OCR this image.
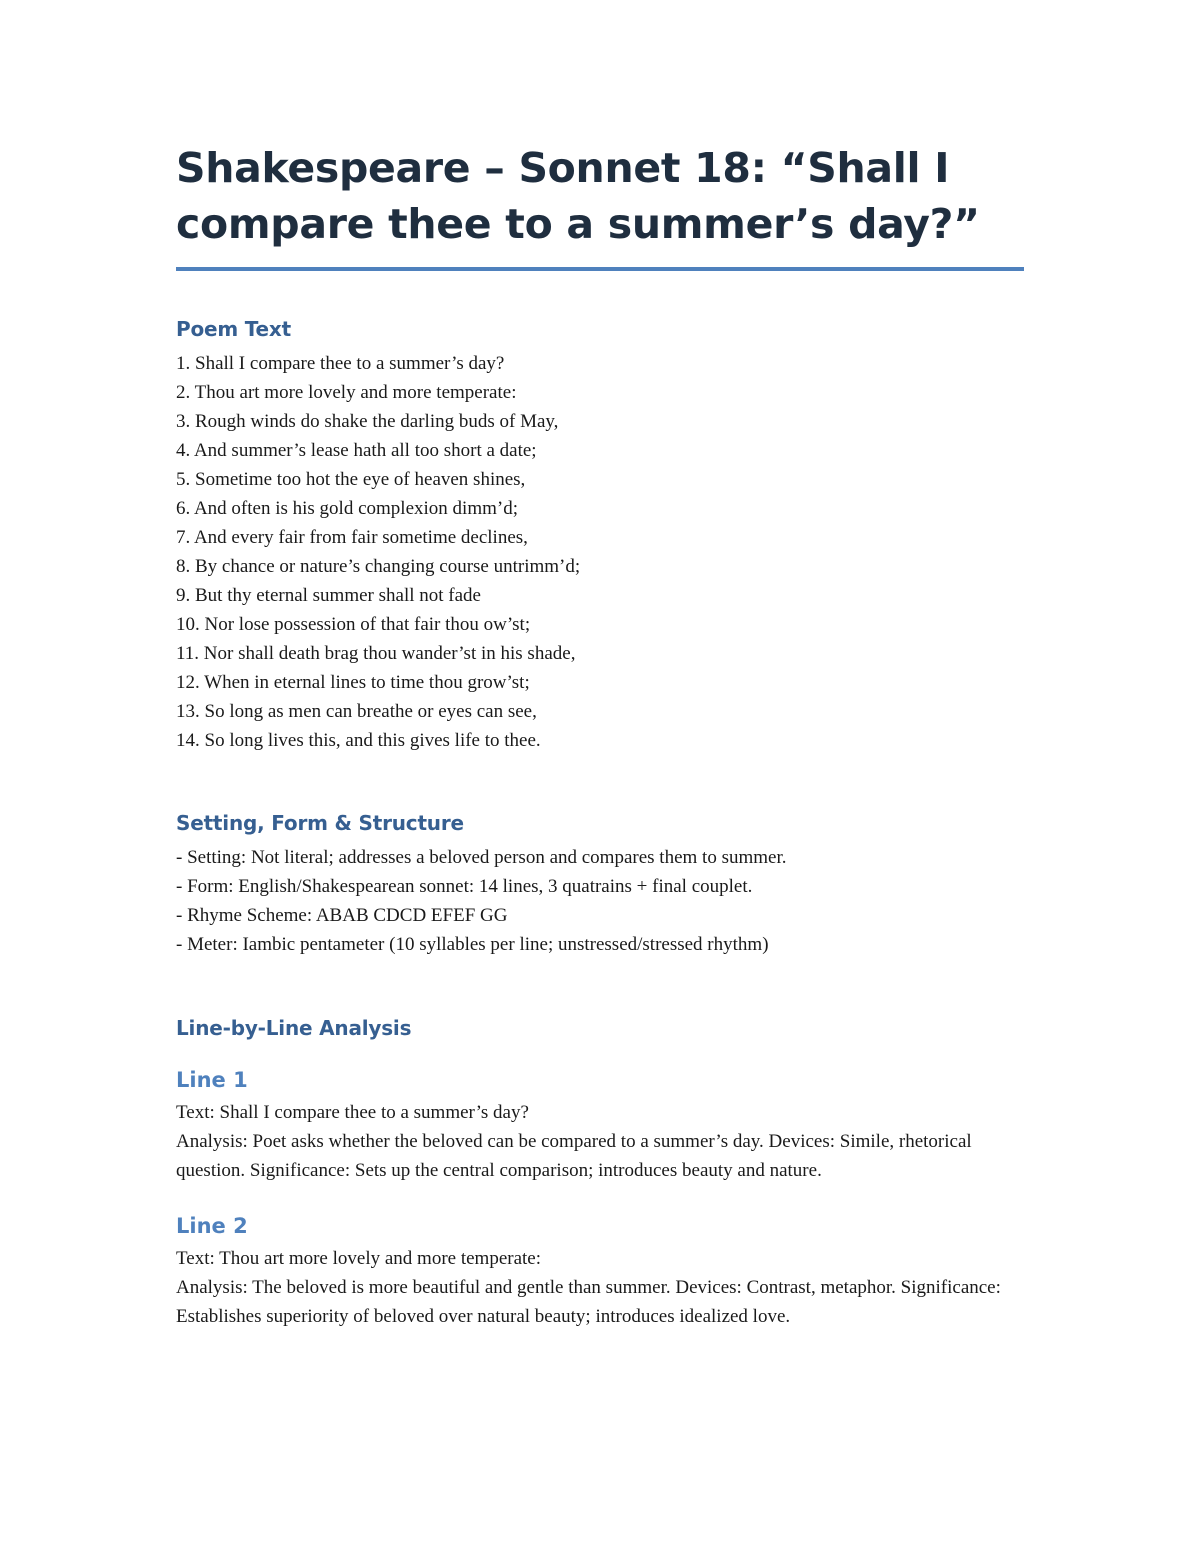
Shakespeare – Sonnet 18: “Shall I compare thee to a summer’s day?”
Poem Text

1. Shall I compare thee to a summer’s day?

2. Thou art more lovely and more temperate:

3. Rough winds do shake the darling buds of May,

4. And summer’s lease hath all too short a date;

5. Sometime too hot the eye of heaven shines,

6. And often is his gold complexion dimm’d;

7. And every fair from fair sometime declines,

8. By chance or nature’s changing course untrimm’d;

9. But thy eternal summer shall not fade

10. Nor lose possession of that fair thou ow’st;

11. Nor shall death brag thou wander’st in his shade,

12. When in eternal lines to time thou grow’st;

13. So long as men can breathe or eyes can see,

14. So long lives this, and this gives life to thee.

Setting, Form & Structure

- Setting: Not literal; addresses a beloved person and compares them to summer.

- Form: English/Shakespearean sonnet: 14 lines, 3 quatrains + final couplet.

- Rhyme Scheme: ABAB CDCD EFEF GG

- Meter: Iambic pentameter (10 syllables per line; unstressed/stressed rhythm)

Line-by-Line Analysis
Line 1

Text: Shall I compare thee to a summer’s day?

Analysis: Poet asks whether the beloved can be compared to a summer’s day. Devices: Simile, rhetorical question. Significance: Sets up the central comparison; introduces beauty and nature.

Line 2

Text: Thou art more lovely and more temperate:

Analysis: The beloved is more beautiful and gentle than summer. Devices: Contrast, metaphor. Significance: Establishes superiority of beloved over natural beauty; introduces idealized love.
